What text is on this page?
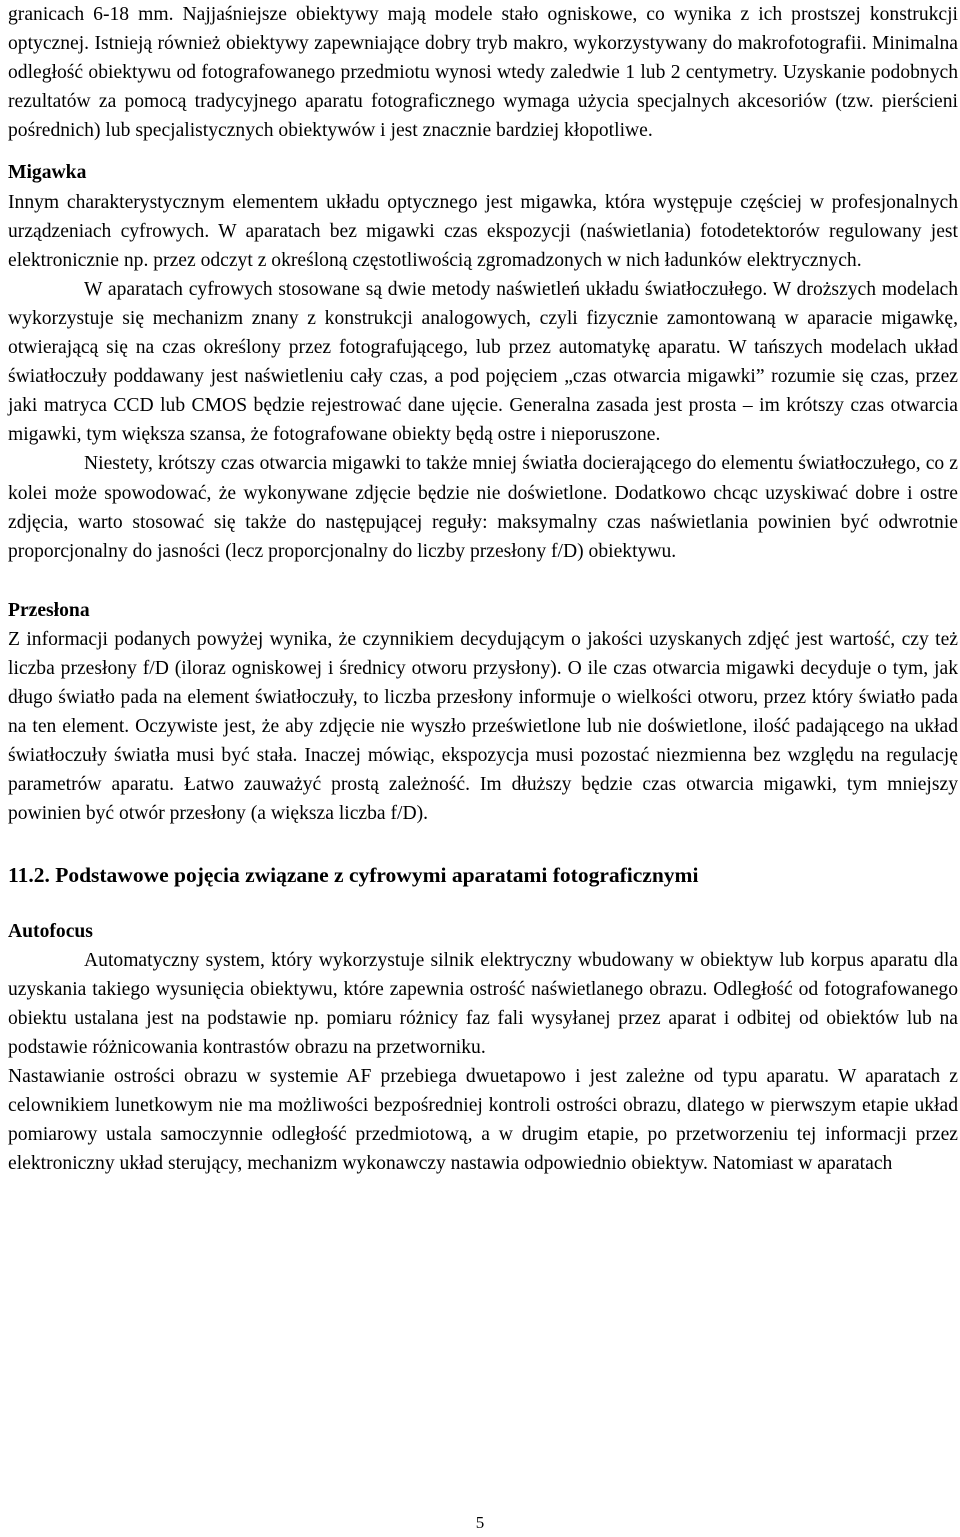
granicach 6-18 mm. Najjaśniejsze obiektywy mają modele stało ogniskowe, co wynika z ich prostszej konstrukcji optycznej. Istnieją również obiektywy zapewniające dobry tryb makro, wykorzystywany do makrofotografii. Minimalna odległość obiektywu od fotografowanego przedmiotu wynosi wtedy zaledwie 1 lub 2 centymetry. Uzyskanie podobnych rezultatów za pomocą tradycyjnego aparatu fotograficznego wymaga użycia specjalnych akcesoriów (tzw. pierścieni pośrednich) lub specjalistycznych obiektywów i jest znacznie bardziej kłopotliwe.

Migawka

Innym charakterystycznym elementem układu optycznego jest migawka, która występuje częściej w profesjonalnych urządzeniach cyfrowych. W aparatach bez migawki czas ekspozycji (naświetlania) fotodetektorów regulowany jest elektronicznie np. przez odczyt z określoną częstotliwością zgromadzonych w nich ładunków elektrycznych.

W aparatach cyfrowych stosowane są dwie metody naświetleń układu światłoczułego. W droższych modelach wykorzystuje się mechanizm znany z konstrukcji analogowych, czyli fizycznie zamontowaną w aparacie migawkę, otwierającą się na czas określony przez fotografującego, lub przez automatykę aparatu. W tańszych modelach układ światłoczuły poddawany jest naświetleniu cały czas, a pod pojęciem „czas otwarcia migawki” rozumie się czas, przez jaki matryca CCD lub CMOS będzie rejestrować dane ujęcie. Generalna zasada jest prosta – im krótszy czas otwarcia migawki, tym większa szansa, że fotografowane obiekty będą ostre i nieporuszone.

Niestety, krótszy czas otwarcia migawki to także mniej światła docierającego do elementu światłoczułego, co z kolei może spowodować, że wykonywane zdjęcie będzie nie doświetlone. Dodatkowo chcąc uzyskiwać dobre i ostre zdjęcia, warto stosować się także do następującej reguły: maksymalny czas naświetlania powinien być odwrotnie proporcjonalny do jasności (lecz proporcjonalny do liczby przesłony f/D) obiektywu.

Przesłona

Z informacji podanych powyżej wynika, że czynnikiem decydującym o jakości uzyskanych zdjęć jest wartość, czy też liczba przesłony f/D (iloraz ogniskowej i średnicy otworu przysłony). O ile czas otwarcia migawki decyduje o tym, jak długo światło pada na element światłoczuły, to liczba przesłony informuje o wielkości otworu, przez który światło pada na ten element. Oczywiste jest, że aby zdjęcie nie wyszło prześwietlone lub nie doświetlone, ilość padającego na układ światłoczuły światła musi być stała. Inaczej mówiąc, ekspozycja musi pozostać niezmienna bez względu na regulację parametrów aparatu. Łatwo zauważyć prostą zależność. Im dłuższy będzie czas otwarcia migawki, tym mniejszy powinien być otwór przesłony (a większa liczba f/D).

11.2. Podstawowe pojęcia związane z cyfrowymi aparatami fotograficznymi
Autofocus

Automatyczny system, który wykorzystuje silnik elektryczny wbudowany w obiektyw lub korpus aparatu dla uzyskania takiego wysunięcia obiektywu, które zapewnia ostrość naświetlanego obrazu. Odległość od fotografowanego obiektu ustalana jest na podstawie np. pomiaru różnicy faz fali wysyłanej przez aparat i odbitej od obiektów lub na podstawie różnicowania kontrastów obrazu na przetworniku.

Nastawianie ostrości obrazu w systemie AF przebiega dwuetapowo i jest zależne od typu aparatu. W aparatach z celownikiem lunetkowym nie ma możliwości bezpośredniej kontroli ostrości obrazu, dlatego w pierwszym etapie układ pomiarowy ustala samoczynnie odległość przedmiotową, a w drugim etapie, po przetworzeniu tej informacji przez elektroniczny układ sterujący, mechanizm wykonawczy nastawia odpowiednio obiektyw. Natomiast w aparatach

5
